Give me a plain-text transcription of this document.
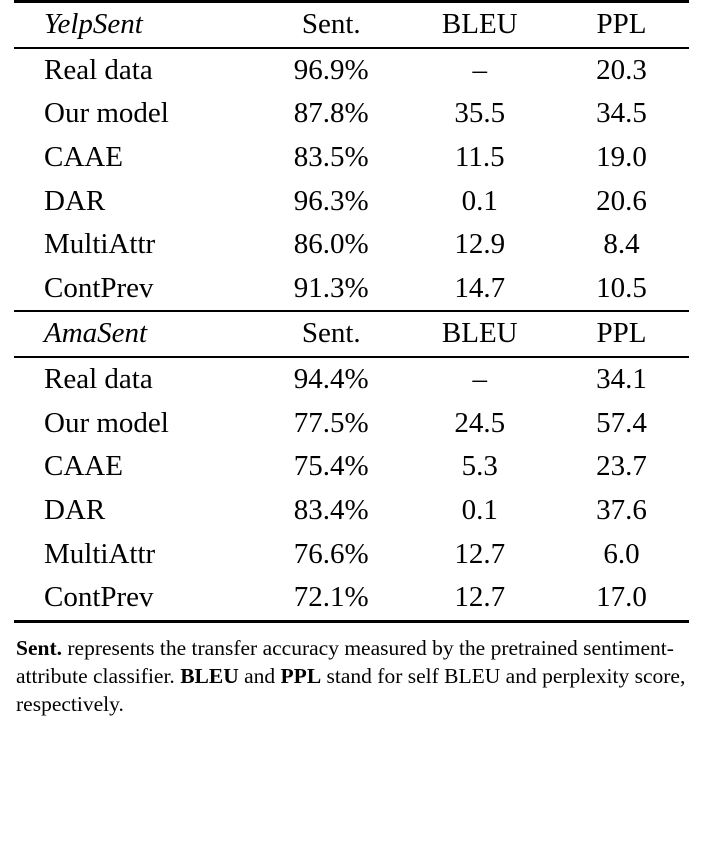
YelpSent	Sent.	BLEU	PPL
Real data	96.9%	–	20.3
Our model	87.8%	35.5	34.5
CAAE	83.5%	11.5	19.0
DAR	96.3%	0.1	20.6
MultiAttr	86.0%	12.9	8.4
ContPrev	91.3%	14.7	10.5
AmaSent	Sent.	BLEU	PPL
Real data	94.4%	–	34.1
Our model	77.5%	24.5	57.4
CAAE	75.4%	5.3	23.7
DAR	83.4%	0.1	37.6
MultiAttr	76.6%	12.7	6.0
ContPrev	72.1%	12.7	17.0
Sent. represents the transfer accuracy measured by the pretrained sentiment-attribute classifier. BLEU and PPL stand for self BLEU and perplexity score, respectively.
